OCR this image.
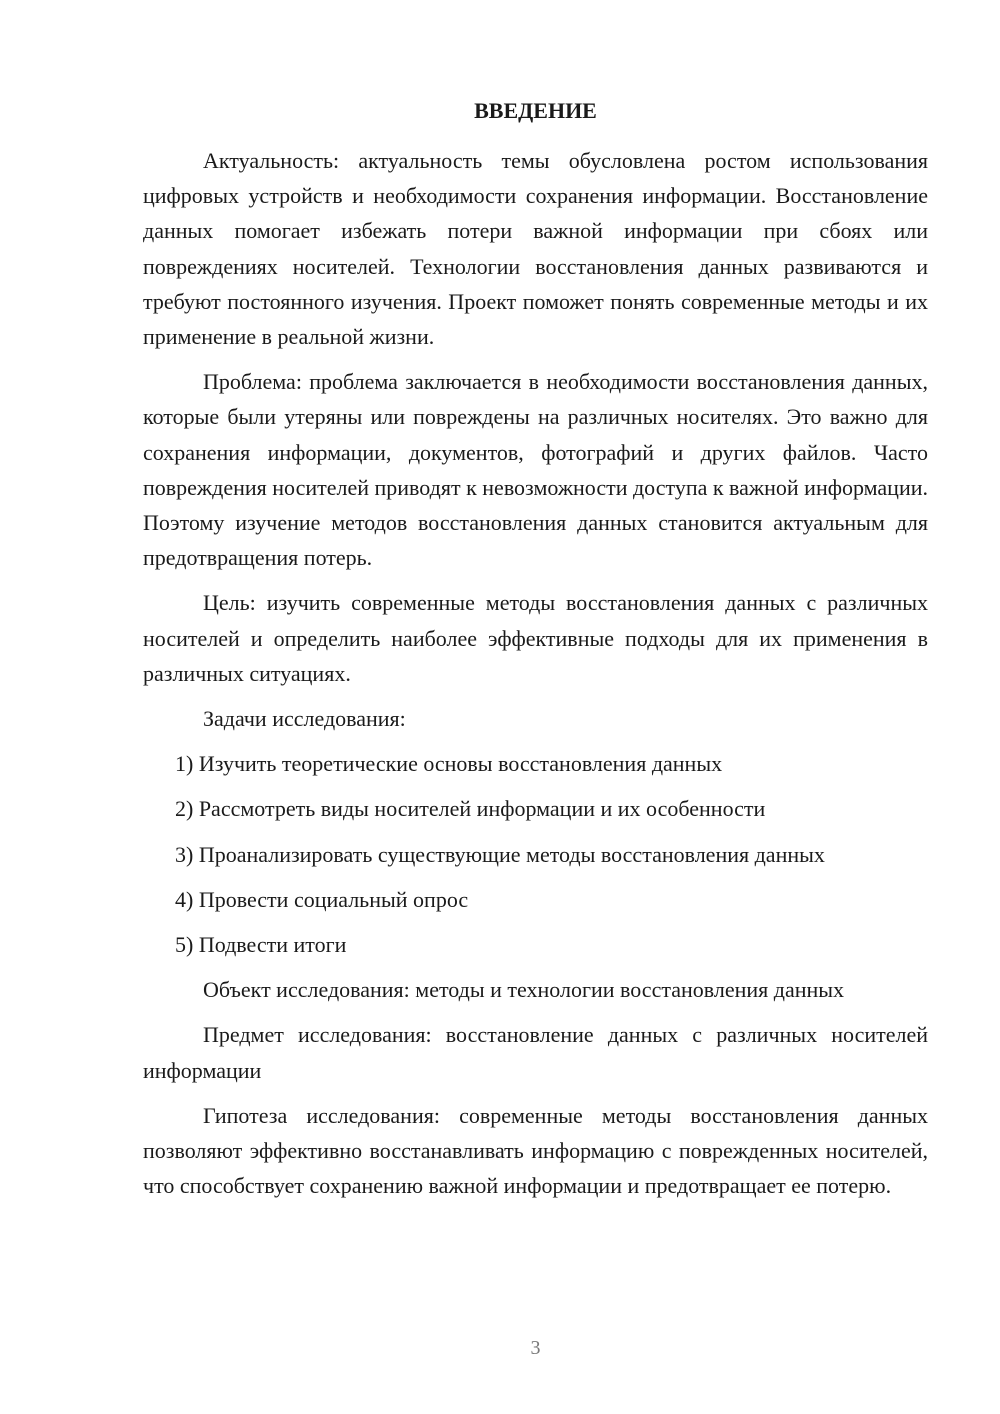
ВВЕДЕНИЕ

Актуальность: актуальность темы обусловлена ростом использования цифровых устройств и необходимости сохранения информации. Восстановление данных помогает избежать потери важной информации при сбоях или повреждениях носителей. Технологии восстановления данных развиваются и требуют постоянного изучения. Проект поможет понять современные методы и их применение в реальной жизни.

Проблема: проблема заключается в необходимости восстановления данных, которые были утеряны или повреждены на различных носителях. Это важно для сохранения информации, документов, фотографий и других файлов. Часто повреждения носителей приводят к невозможности доступа к важной информации. Поэтому изучение методов восстановления данных становится актуальным для предотвращения потерь.

Цель: изучить современные методы восстановления данных с различных носителей и определить наиболее эффективные подходы для их применения в различных ситуациях.

Задачи исследования:

1) Изучить теоретические основы восстановления данных
2) Рассмотреть виды носителей информации и их особенности
3) Проанализировать существующие методы восстановления данных
4) Провести социальный опрос
5) Подвести итоги

Объект исследования: методы и технологии восстановления данных

Предмет исследования: восстановление данных с различных носителей информации

Гипотеза исследования: современные методы восстановления данных позволяют эффективно восстанавливать информацию с поврежденных носителей, что способствует сохранению важной информации и предотвращает ее потерю.

3
